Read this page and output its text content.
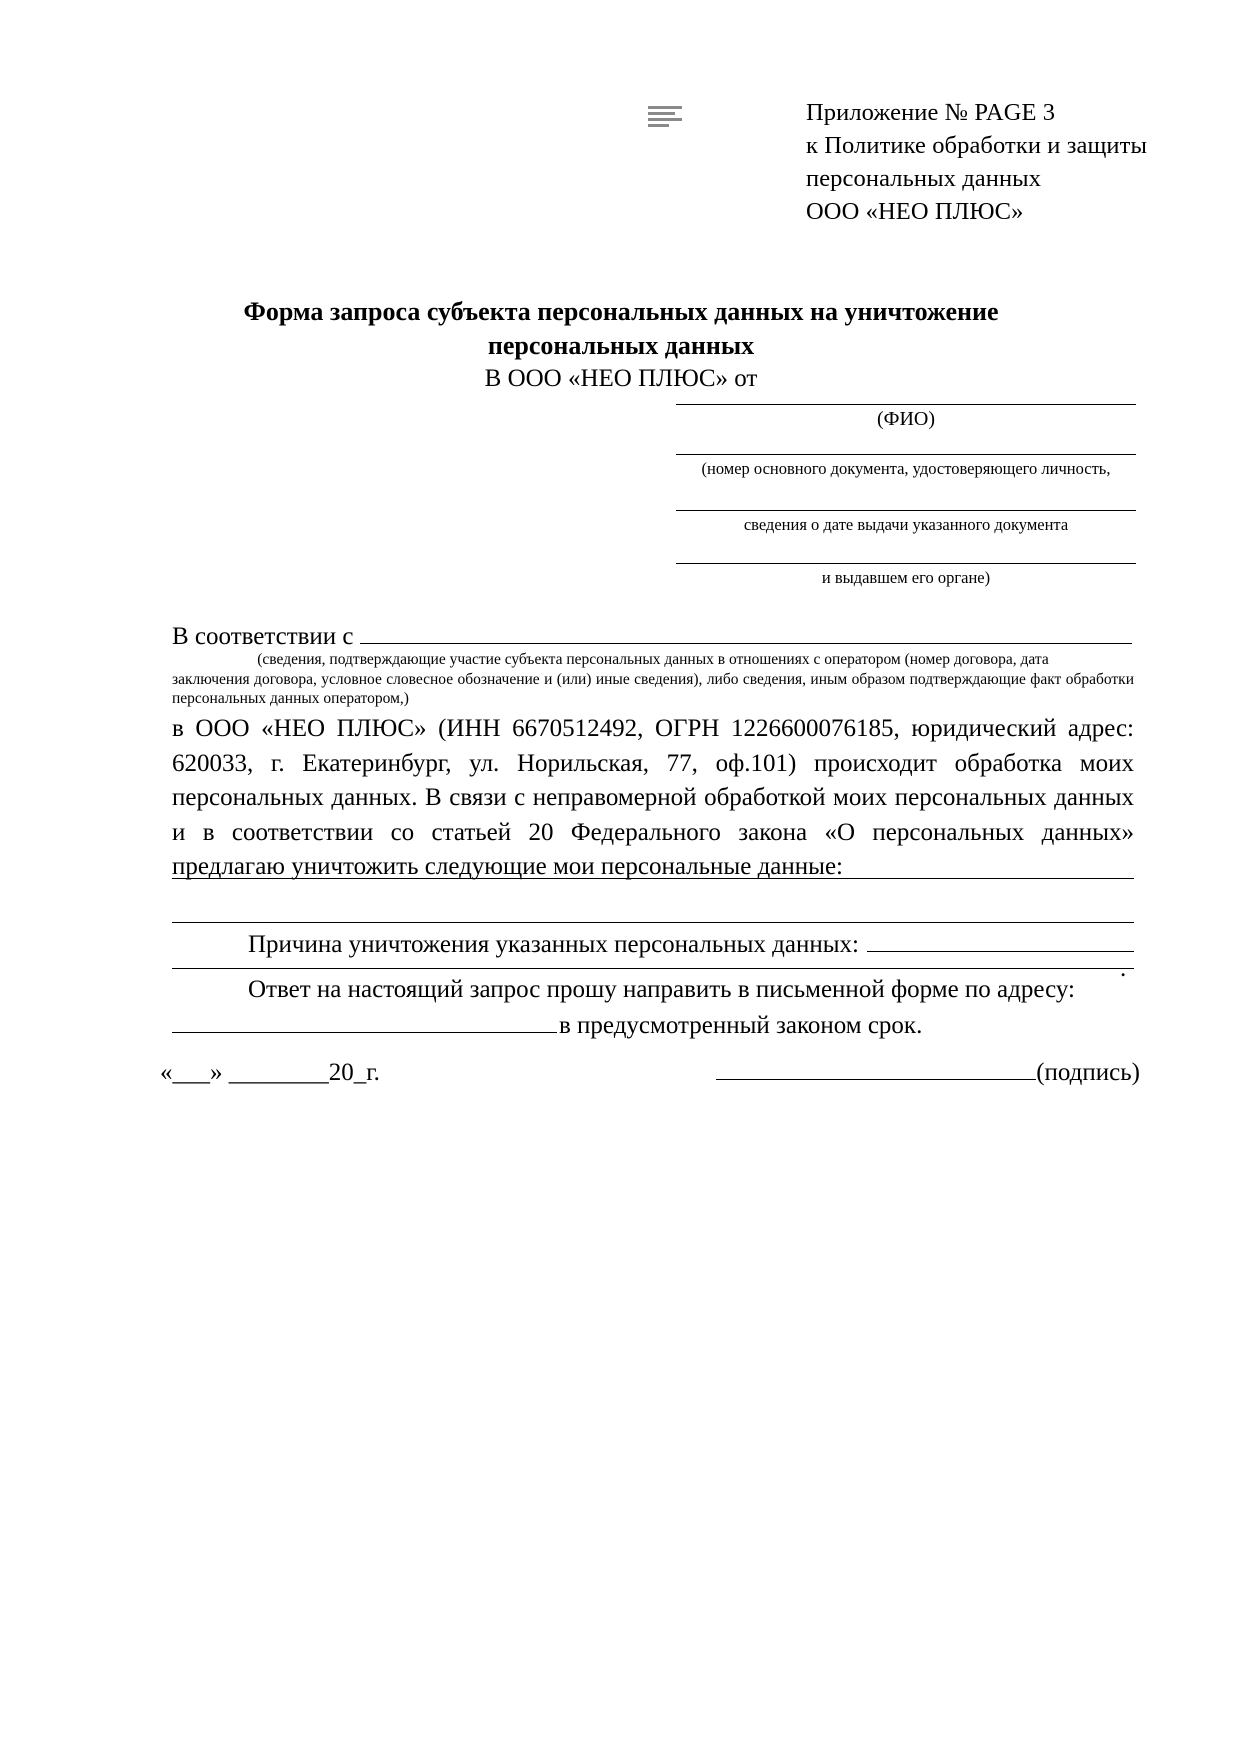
Приложение № PAGE 3
к Политике обработки и защиты
персональных данных
ООО «НЕО ПЛЮС»
Форма запроса субъекта персональных данных на уничтожение
персональных данных
В ООО «НЕО ПЛЮС» от
(ФИО)
(номер основного документа, удостоверяющего личность,
сведения о дате выдачи указанного документа
и выдавшем его органе)
В соответствии с
(сведения, подтверждающие участие субъекта персональных данных в отношениях с оператором (номер договора, дата
заключения договора, условное словесное обозначение и (или) иные сведения), либо сведения, иным образом подтверждающие факт обработки персональных данных оператором,)
в ООО «НЕО ПЛЮС» (ИНН 6670512492, ОГРН 1226600076185, юридический адрес: 620033, г. Екатеринбург, ул. Норильская, 77, оф.101) происходит обработка моих персональных данных. В связи с неправомерной обработкой моих персональных данных и в соответствии со статьей 20 Федерального закона «О персональных данных» предлагаю уничтожить следующие мои персональные данные:
Причина уничтожения указанных персональных данных:
.
Ответ на настоящий запрос прошу направить в письменной форме по адресу:
в предусмотренный законом срок.
«___» ________20_г.	(подпись)
